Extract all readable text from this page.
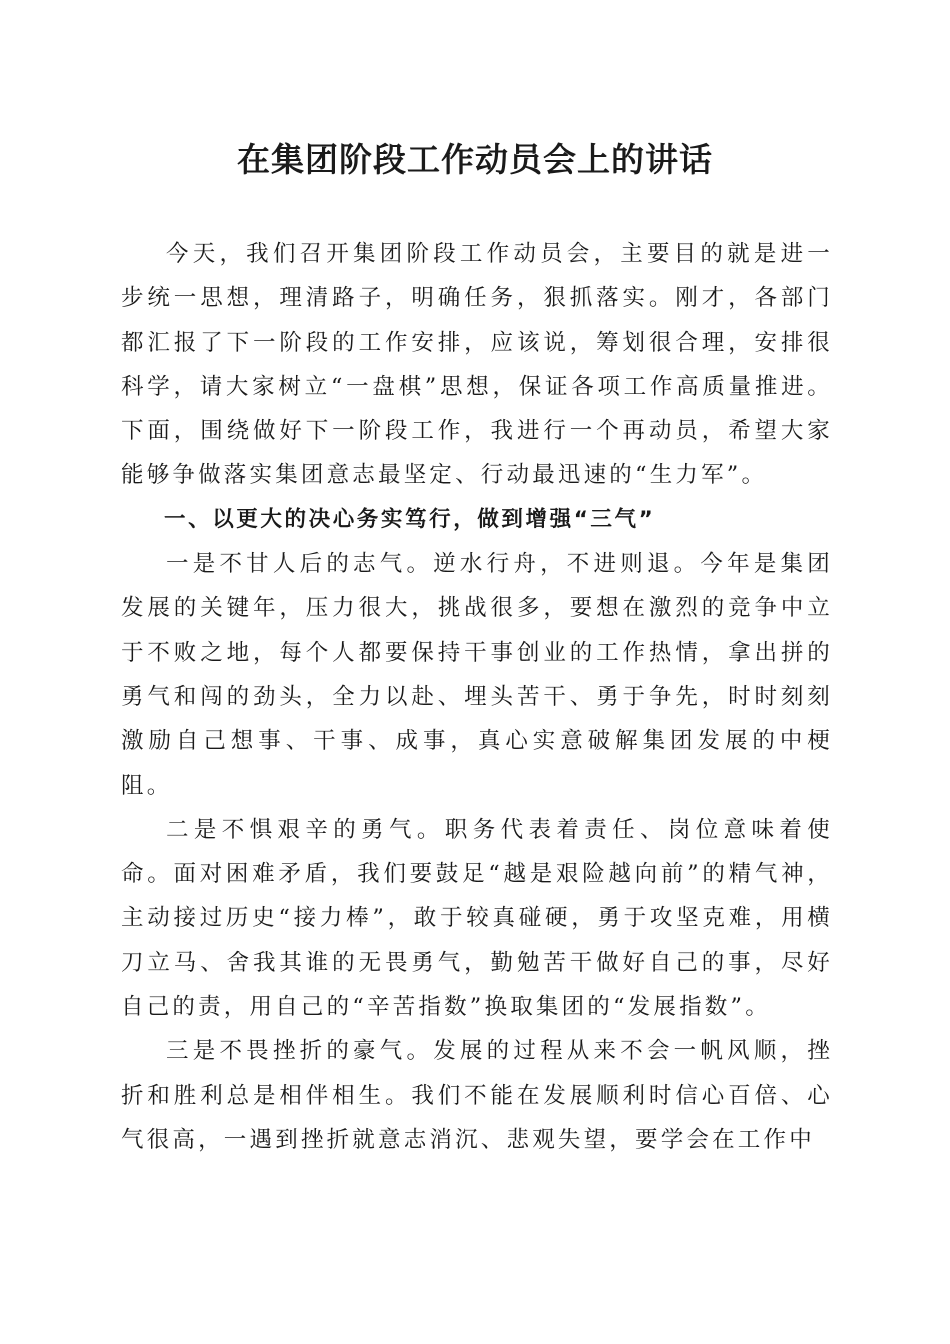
在集团阶段工作动员会上的讲话

今天，我们召开集团阶段工作动员会，主要目的就是进一步统一思想，理清路子，明确任务，狠抓落实。刚才，各部门都汇报了下一阶段的工作安排，应该说，筹划很合理，安排很科学，请大家树立“一盘棋”思想，保证各项工作高质量推进。下面，围绕做好下一阶段工作，我进行一个再动员，希望大家能够争做落实集团意志最坚定、行动最迅速的“生力军”。

一、以更大的决心务实笃行，做到增强“三气”

一是不甘人后的志气。逆水行舟，不进则退。今年是集团发展的关键年，压力很大，挑战很多，要想在激烈的竞争中立于不败之地，每个人都要保持干事创业的工作热情，拿出拼的勇气和闯的劲头，全力以赴、埋头苦干、勇于争先，时时刻刻激励自己想事、干事、成事，真心实意破解集团发展的中梗阻。

二是不惧艰辛的勇气。职务代表着责任、岗位意味着使命。面对困难矛盾，我们要鼓足“越是艰险越向前”的精气神，主动接过历史“接力棒”，敢于较真碰硬，勇于攻坚克难，用横刀立马、舍我其谁的无畏勇气，勤勉苦干做好自己的事，尽好自己的责，用自己的“辛苦指数”换取集团的“发展指数”。

三是不畏挫折的豪气。发展的过程从来不会一帆风顺，挫折和胜利总是相伴相生。我们不能在发展顺利时信心百倍、心气很高，一遇到挫折就意志消沉、悲观失望，要学会在工作中
